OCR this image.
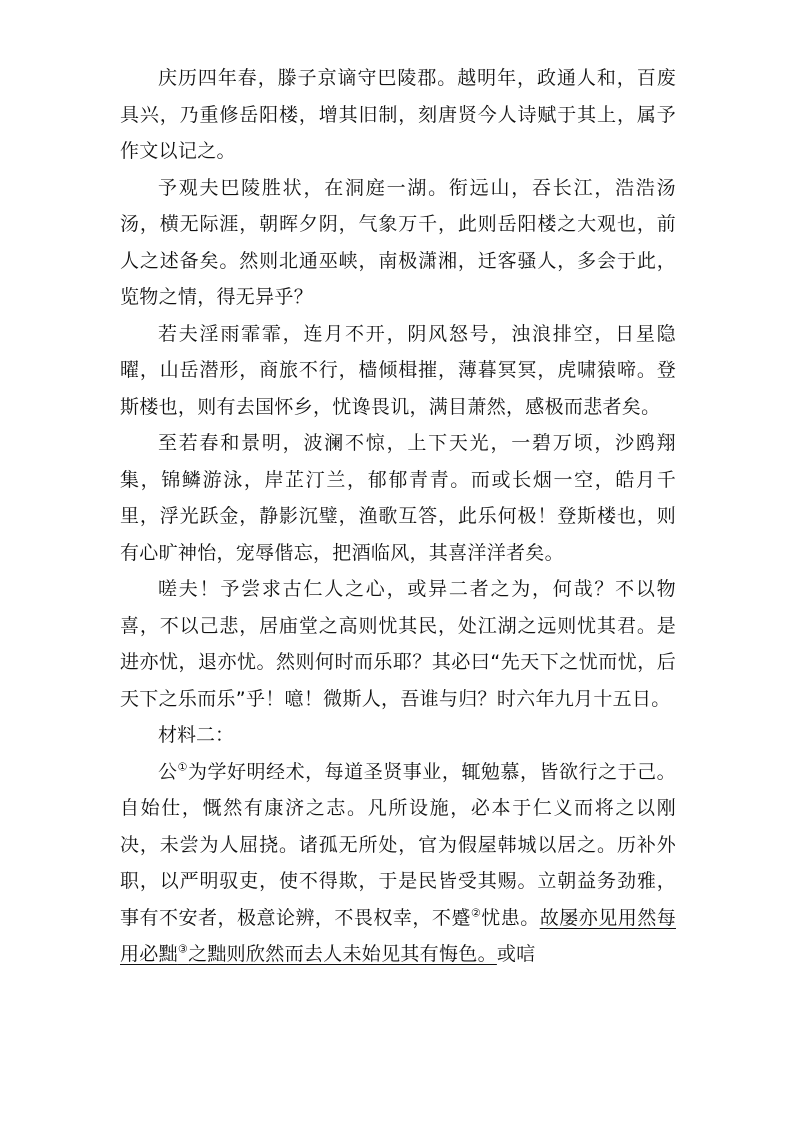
庆历四年春，滕子京谪守巴陵郡。越明年，政通人和，百废具兴，乃重修岳阳楼，增其旧制，刻唐贤今人诗赋于其上，属予作文以记之。

予观夫巴陵胜状，在洞庭一湖。衔远山，吞长江，浩浩汤汤，横无际涯，朝晖夕阴，气象万千，此则岳阳楼之大观也，前人之述备矣。然则北通巫峡，南极潇湘，迁客骚人，多会于此，览物之情，得无异乎？

若夫淫雨霏霏，连月不开，阴风怒号，浊浪排空，日星隐曜，山岳潜形，商旅不行，樯倾楫摧，薄暮冥冥，虎啸猿啼。登斯楼也，则有去国怀乡，忧谗畏讥，满目萧然，感极而悲者矣。

至若春和景明，波澜不惊，上下天光，一碧万顷，沙鸥翔集，锦鳞游泳，岸芷汀兰，郁郁青青。而或长烟一空，皓月千里，浮光跃金，静影沉璧，渔歌互答，此乐何极！登斯楼也，则有心旷神怡，宠辱偕忘，把酒临风，其喜洋洋者矣。

嗟夫！予尝求古仁人之心，或异二者之为，何哉？不以物喜，不以己悲，居庙堂之高则忧其民，处江湖之远则忧其君。是进亦忧，退亦忧。然则何时而乐耶？其必曰“先天下之忧而忧，后天下之乐而乐”乎！噫！微斯人，吾谁与归？时六年九月十五日。

材料二：

公①为学好明经术，每道圣贤事业，辄勉慕，皆欲行之于己。自始仕，慨然有康济之志。凡所设施，必本于仁义而将之以刚决，未尝为人屈挠。诸孤无所处，官为假屋韩城以居之。历补外职，以严明驭吏，使不得欺，于是民皆受其赐。立朝益务劲雅，事有不安者，极意论辨，不畏权幸，不蹙②忧患。故屡亦见用然每用必黜③之黜则欣然而去人未始见其有悔色。或唁
